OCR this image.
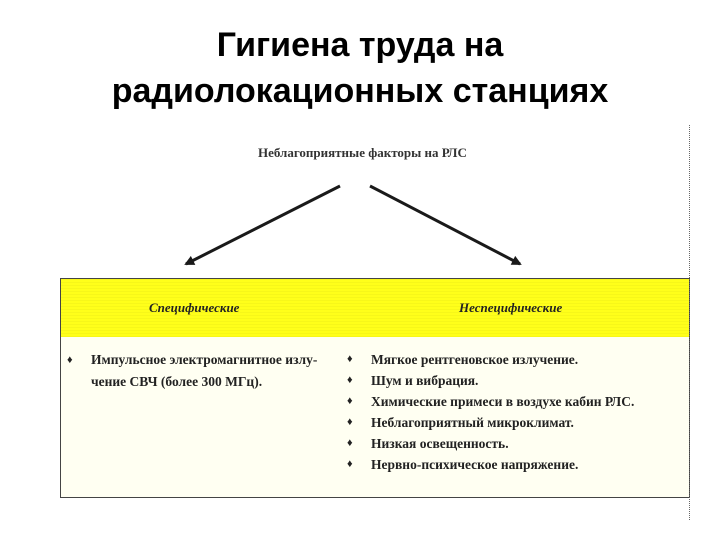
Гигиена труда на
радиолокационных станциях
Неблагоприятные факторы на РЛС
Специфические	Неспецифические
♦ Импульсное электромагнитное излу-
чение СВЧ (более 300 МГц).
♦ Мягкое рентгеновское излучение.
♦ Шум и вибрация.
♦ Химические примеси в воздухе кабин РЛС.
♦ Неблагоприятный микроклимат.
♦ Низкая освещенность.
♦ Нервно-психическое напряжение.
